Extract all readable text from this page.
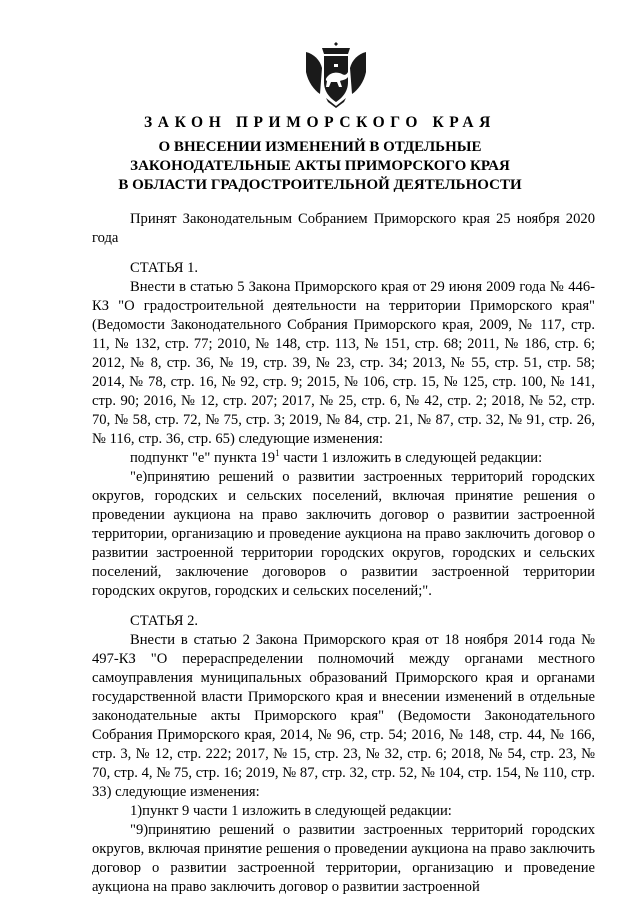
ЗАКОН ПРИМОРСКОГО КРАЯ
О ВНЕСЕНИИ ИЗМЕНЕНИЙ В ОТДЕЛЬНЫЕ
ЗАКОНОДАТЕЛЬНЫЕ АКТЫ ПРИМОРСКОГО КРАЯ
В ОБЛАСТИ ГРАДОСТРОИТЕЛЬНОЙ ДЕЯТЕЛЬНОСТИ
Принят Законодательным Собранием Приморского края 25 ноября 2020 года
СТАТЬЯ 1.
Внести в статью 5 Закона Приморского края от 29 июня 2009 года № 446-КЗ "О градостроительной деятельности на территории Приморского края" (Ведомости Законодательного Собрания Приморского края, 2009, № 117, стр. 11, № 132, стр. 77; 2010, № 148, стр. 113, № 151, стр. 68; 2011, № 186, стр. 6; 2012, № 8, стр. 36, № 19, стр. 39, № 23, стр. 34; 2013, № 55, стр. 51, стр. 58; 2014, № 78, стр. 16, № 92, стр. 9; 2015, № 106, стр. 15, № 125, стр. 100, № 141, стр. 90; 2016, № 12, стр. 207; 2017, № 25, стр. 6, № 42, стр. 2; 2018, № 52, стр. 70, № 58, стр. 72, № 75, стр. 3; 2019, № 84, стр. 21, № 87, стр. 32, № 91, стр. 26, № 116, стр. 36, стр. 65) следующие изменения:
подпункт "е" пункта $19^1$ части 1 изложить в следующей редакции:
"е)принятию решений о развитии застроенных территорий городских округов, городских и сельских поселений, включая принятие решения о проведении аукциона на право заключить договор о развитии застроенной территории, организацию и проведение аукциона на право заключить договор о развитии застроенной территории городских округов, городских и сельских поселений, заключение договоров о развитии застроенной территории городских округов, городских и сельских поселений;".
СТАТЬЯ 2.
Внести в статью 2 Закона Приморского края от 18 ноября 2014 года № 497-КЗ "О перераспределении полномочий между органами местного самоуправления муниципальных образований Приморского края и органами государственной власти Приморского края и внесении изменений в отдельные законодательные акты Приморского края" (Ведомости Законодательного Собрания Приморского края, 2014, № 96, стр. 54; 2016, № 148, стр. 44, № 166, стр. 3, № 12, стр. 222; 2017, № 15, стр. 23, № 32, стр. 6; 2018, № 54, стр. 23, № 70, стр. 4, № 75, стр. 16; 2019, № 87, стр. 32, стр. 52, № 104, стр. 154, № 110, стр. 33) следующие изменения:
1)пункт 9 части 1 изложить в следующей редакции:
"9)принятию решений о развитии застроенных территорий городских округов, включая принятие решения о проведении аукциона на право заключить договор о развитии застроенной территории, организацию и проведение аукциона на право заключить договор о развитии застроенной
